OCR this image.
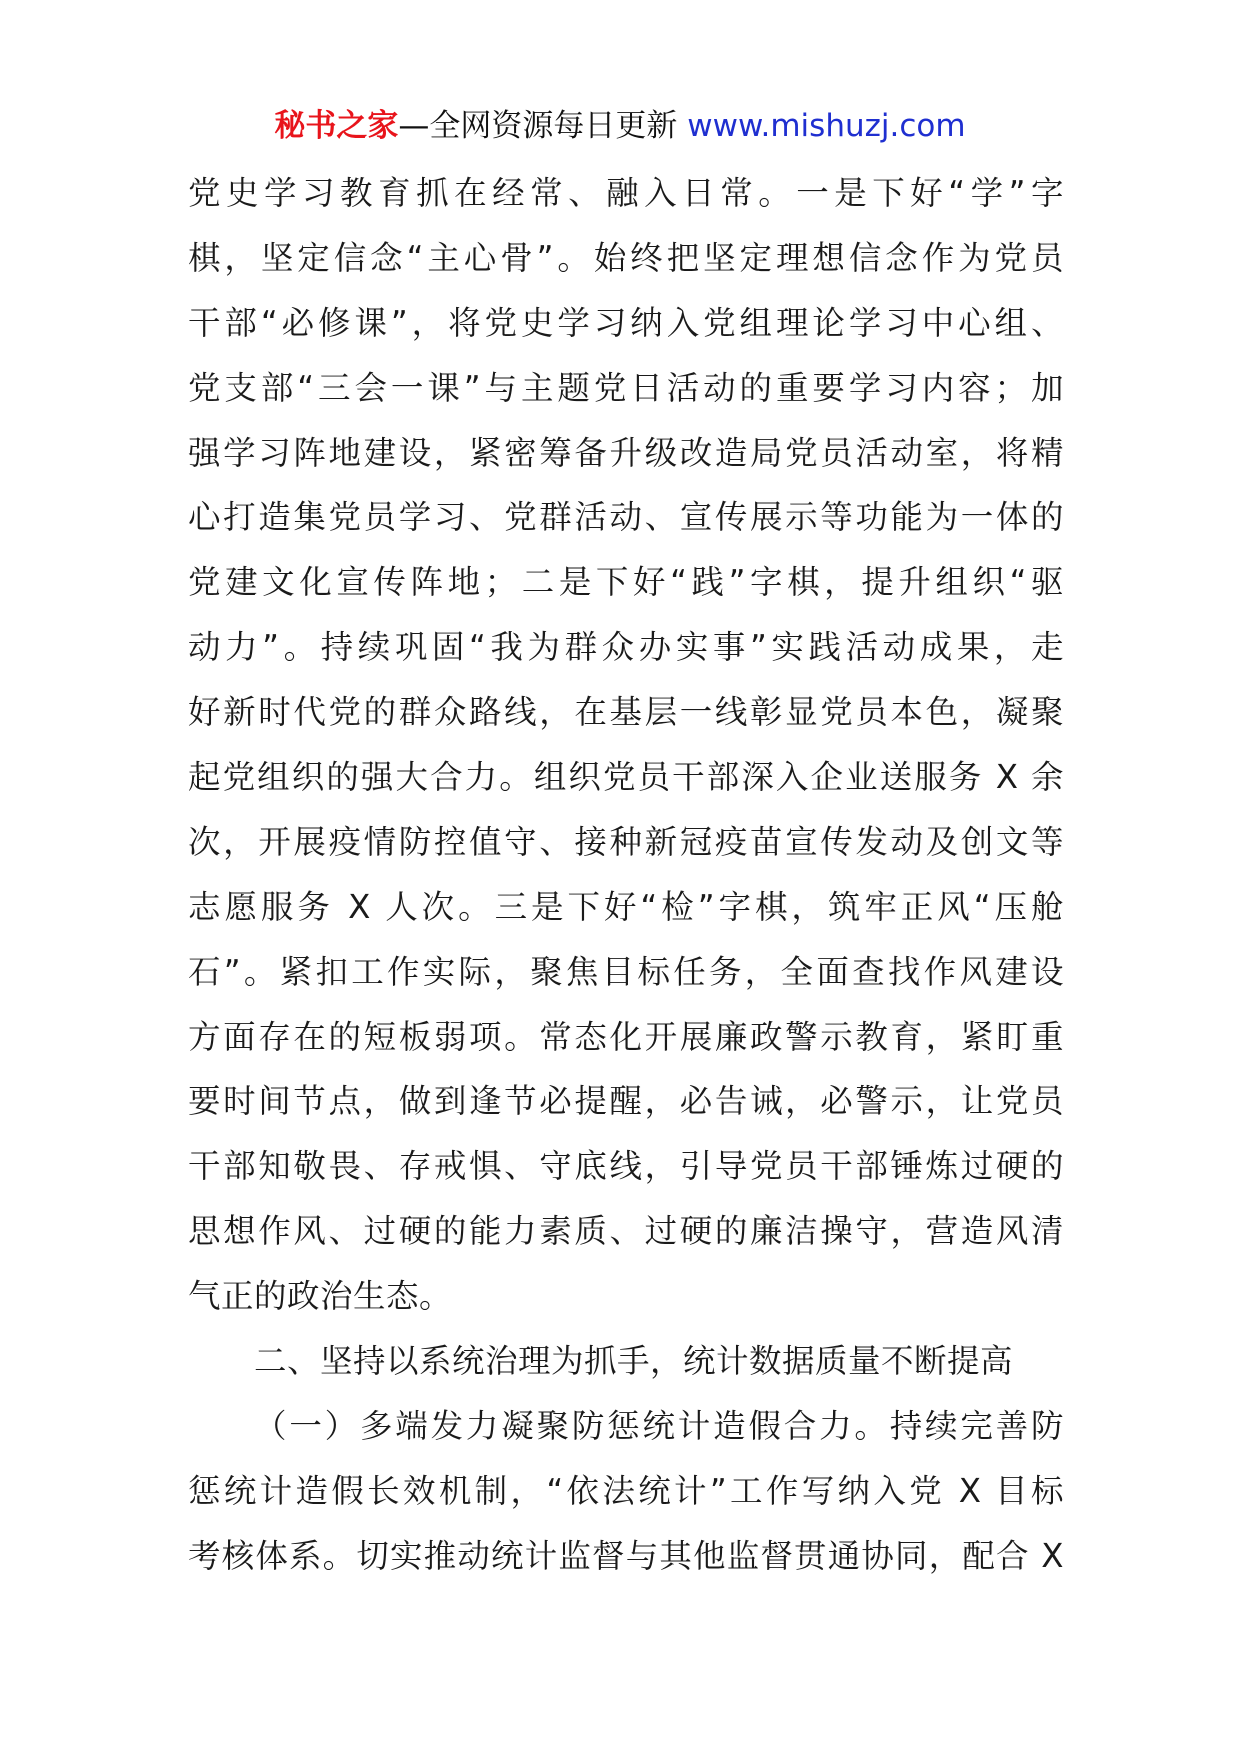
秘书之家—全网资源每日更新 www.mishuzj.com
党史学习教育抓在经常、融入日常。一是下好“学”字
棋，坚定信念“主心骨”。始终把坚定理想信念作为党员
干部“必修课”，将党史学习纳入党组理论学习中心组、
党支部“三会一课”与主题党日活动的重要学习内容；加
强学习阵地建设，紧密筹备升级改造局党员活动室，将精
心打造集党员学习、党群活动、宣传展示等功能为一体的
党建文化宣传阵地；二是下好“践”字棋，提升组织“驱
动力”。持续巩固“我为群众办实事”实践活动成果，走
好新时代党的群众路线，在基层一线彰显党员本色，凝聚
起党组织的强大合力。组织党员干部深入企业送服务 X 余
次，开展疫情防控值守、接种新冠疫苗宣传发动及创文等
志愿服务 X 人次。三是下好“检”字棋，筑牢正风“压舱
石”。紧扣工作实际，聚焦目标任务，全面查找作风建设
方面存在的短板弱项。常态化开展廉政警示教育，紧盯重
要时间节点，做到逢节必提醒，必告诫，必警示，让党员
干部知敬畏、存戒惧、守底线，引导党员干部锤炼过硬的
思想作风、过硬的能力素质、过硬的廉洁操守，营造风清
气正的政治生态。
二、坚持以系统治理为抓手，统计数据质量不断提高
（一）多端发力凝聚防惩统计造假合力。持续完善防
惩统计造假长效机制，“依法统计”工作写纳入党 X 目标
考核体系。切实推动统计监督与其他监督贯通协同，配合 X
